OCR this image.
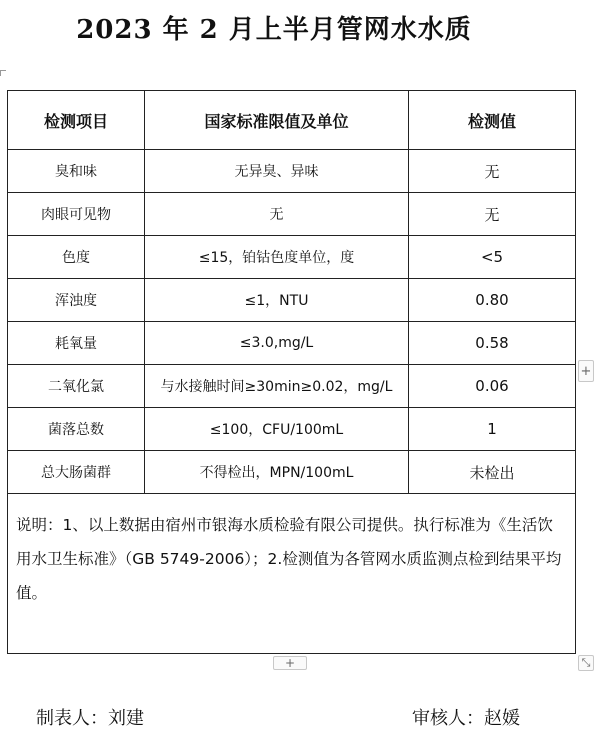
2023 年 2 月上半月管网水水质
检测项目	国家标准限值及单位	检测值
臭和味	无异臭、异味	无
肉眼可见物	无	无
色度	≤15，铂钴色度单位，度	<5
浑浊度	≤1，NTU	0.80
耗氧量	≤3.0,mg/L	0.58
二氧化氯	与水接触时间≥30min≥0.02，mg/L	0.06
菌落总数	≤100，CFU/100mL	1
总大肠菌群	不得检出，MPN/100mL	未检出
说明：1、以上数据由宿州市银海水质检验有限公司提供。执行标准为《生活饮用水卫生标准》（GB 5749-2006）；2.检测值为各管网水质监测点检到结果平均值。		
+
+	⤡
制表人：刘建	审核人：赵媛
